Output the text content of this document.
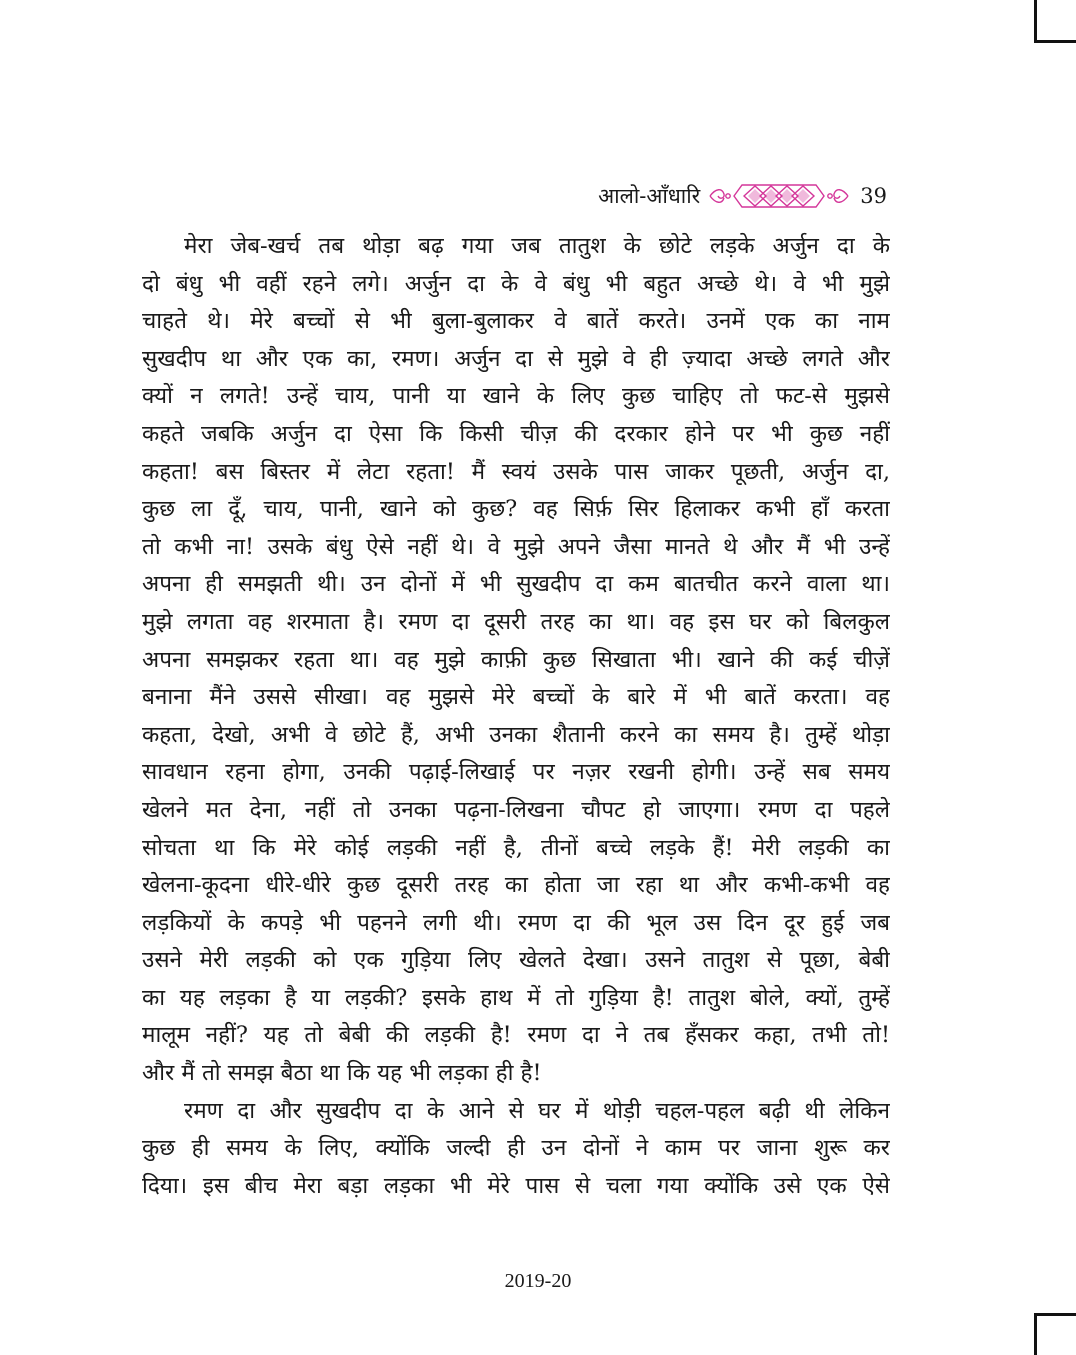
आलो-आँधारि	39
मेरा जेब-खर्च तब थोड़ा बढ़ गया जब तातुश के छोटे लड़के अर्जुन दा के
दो बंधु भी वहीं रहने लगे। अर्जुन दा के वे बंधु भी बहुत अच्छे थे। वे भी मुझे
चाहते थे। मेरे बच्चों से भी बुला-बुलाकर वे बातें करते। उनमें एक का नाम
सुखदीप था और एक का, रमण। अर्जुन दा से मुझे वे ही ज़्यादा अच्छे लगते और
क्यों न लगते! उन्हें चाय, पानी या खाने के लिए कुछ चाहिए तो फट-से मुझसे
कहते जबकि अर्जुन दा ऐसा कि किसी चीज़ की दरकार होने पर भी कुछ नहीं
कहता! बस बिस्तर में लेटा रहता! मैं स्वयं उसके पास जाकर पूछती, अर्जुन दा,
कुछ ला दूँ, चाय, पानी, खाने को कुछ? वह सिर्फ़ सिर हिलाकर कभी हाँ करता
तो कभी ना! उसके बंधु ऐसे नहीं थे। वे मुझे अपने जैसा मानते थे और मैं भी उन्हें
अपना ही समझती थी। उन दोनों में भी सुखदीप दा कम बातचीत करने वाला था।
मुझे लगता वह शरमाता है। रमण दा दूसरी तरह का था। वह इस घर को बिलकुल
अपना समझकर रहता था। वह मुझे काफ़ी कुछ सिखाता भी। खाने की कई चीज़ें
बनाना मैंने उससे सीखा। वह मुझसे मेरे बच्चों के बारे में भी बातें करता। वह
कहता, देखो, अभी वे छोटे हैं, अभी उनका शैतानी करने का समय है। तुम्हें थोड़ा
सावधान रहना होगा, उनकी पढ़ाई-लिखाई पर नज़र रखनी होगी। उन्हें सब समय
खेलने मत देना, नहीं तो उनका पढ़ना-लिखना चौपट हो जाएगा। रमण दा पहले
सोचता था कि मेरे कोई लड़की नहीं है, तीनों बच्चे लड़के हैं! मेरी लड़की का
खेलना-कूदना धीरे-धीरे कुछ दूसरी तरह का होता जा रहा था और कभी-कभी वह
लड़कियों के कपड़े भी पहनने लगी थी। रमण दा की भूल उस दिन दूर हुई जब
उसने मेरी लड़की को एक गुड़िया लिए खेलते देखा। उसने तातुश से पूछा, बेबी
का यह लड़का है या लड़की? इसके हाथ में तो गुड़िया है! तातुश बोले, क्यों, तुम्हें
मालूम नहीं? यह तो बेबी की लड़की है! रमण दा ने तब हँसकर कहा, तभी तो!
और मैं तो समझ बैठा था कि यह भी लड़का ही है!
रमण दा और सुखदीप दा के आने से घर में थोड़ी चहल-पहल बढ़ी थी लेकिन
कुछ ही समय के लिए, क्योंकि जल्दी ही उन दोनों ने काम पर जाना शुरू कर
दिया। इस बीच मेरा बड़ा लड़का भी मेरे पास से चला गया क्योंकि उसे एक ऐसे
2019-20
